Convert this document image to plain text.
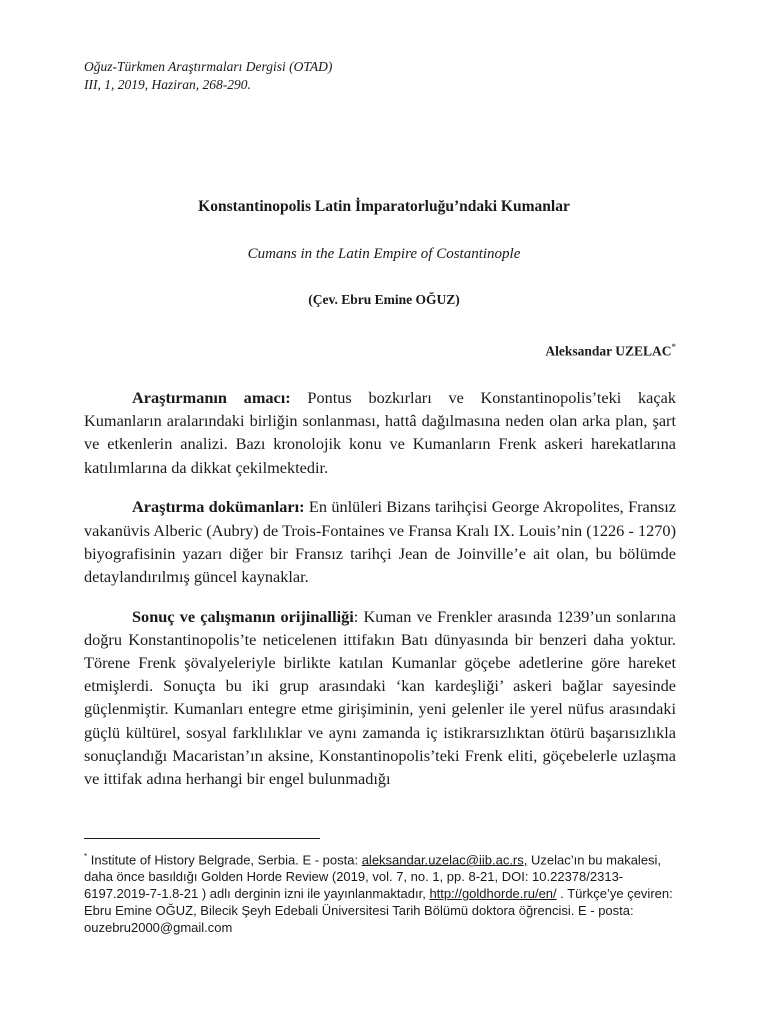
Oğuz-Türkmen Araştırmaları Dergisi (OTAD)
III, 1, 2019, Haziran, 268-290.
Konstantinopolis Latin İmparatorluğu’ndaki Kumanlar
Cumans in the Latin Empire of Costantinople
(Çev. Ebru Emine OĞUZ)
Aleksandar UZELAC*

Araştırmanın amacı: Pontus bozkırları ve Konstantinopolis’teki kaçak Kumanların aralarındaki birliğin sonlanması, hattâ dağılmasına neden olan arka plan, şart ve etkenlerin analizi. Bazı kronolojik konu ve Kumanların Frenk askeri harekatlarına katılımlarına da dikkat çekilmektedir.

Araştırma dokümanları: En ünlüleri Bizans tarihçisi George Akropolites, Fransız vakanüvis Alberic (Aubry) de Trois-Fontaines ve Fransa Kralı IX. Louis’nin (1226 - 1270) biyografisinin yazarı diğer bir Fransız tarihçi Jean de Joinville’e ait olan, bu bölümde detaylandırılmış güncel kaynaklar.

Sonuç ve çalışmanın orijinalliği: Kuman ve Frenkler arasında 1239’un sonlarına doğru Konstantinopolis’te neticelenen ittifakın Batı dünyasında bir benzeri daha yoktur. Törene Frenk şövalyeleriyle birlikte katılan Kumanlar göçebe adetlerine göre hareket etmişlerdi. Sonuçta bu iki grup arasındaki ‘kan kardeşliği’ askeri bağlar sayesinde güçlenmiştir. Kumanları entegre etme girişiminin, yeni gelenler ile yerel nüfus arasındaki güçlü kültürel, sosyal farklılıklar ve aynı zamanda iç istikrarsızlıktan ötürü başarısızlıkla sonuçlandığı Macaristan’ın aksine, Konstantinopolis’teki Frenk eliti, göçebelerle uzlaşma ve ittifak adına herhangi bir engel bulunmadığı

* Institute of History Belgrade, Serbia. E - posta: aleksandar.uzelac@iib.ac.rs, Uzelac’ın bu makalesi, daha önce basıldığı Golden Horde Review (2019, vol. 7, no. 1, pp. 8-21, DOI: 10.22378/2313-6197.2019-7-1.8-21 ) adlı derginin izni ile yayınlanmaktadır, http://goldhorde.ru/en/ . Türkçe’ye çeviren: Ebru Emine OĞUZ, Bilecik Şeyh Edebali Üniversitesi Tarih Bölümü doktora öğrencisi. E - posta: ouzebru2000@gmail.com
